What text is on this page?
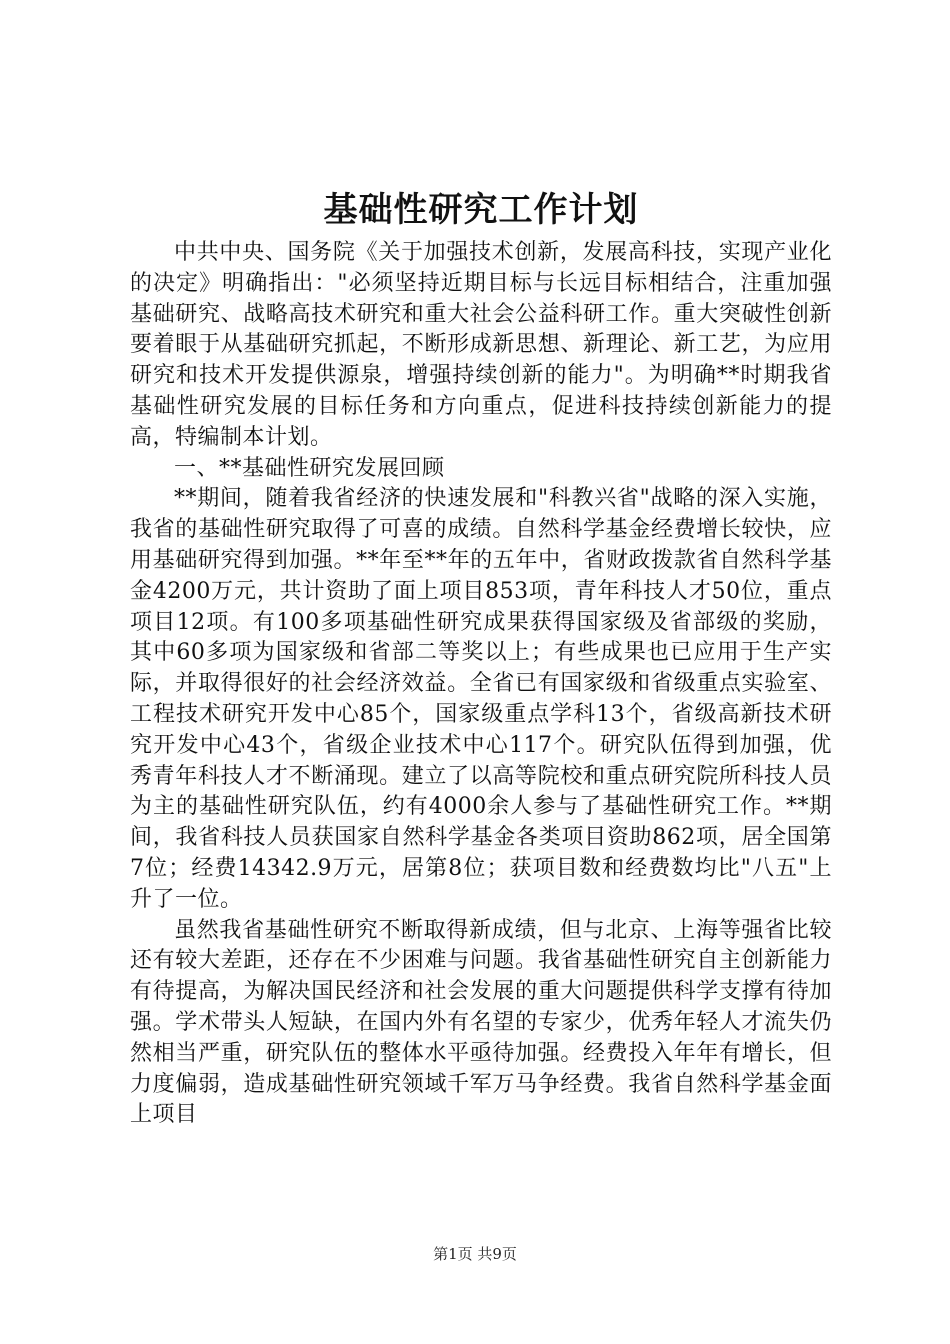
基础性研究工作计划

中共中央、国务院《关于加强技术创新，发展高科技，实现产业化的决定》明确指出："必须坚持近期目标与长远目标相结合，注重加强基础研究、战略高技术研究和重大社会公益科研工作。重大突破性创新要着眼于从基础研究抓起，不断形成新思想、新理论、新工艺，为应用研究和技术开发提供源泉，增强持续创新的能力"。为明确**时期我省基础性研究发展的目标任务和方向重点，促进科技持续创新能力的提高，特编制本计划。

一、**基础性研究发展回顾

**期间，随着我省经济的快速发展和"科教兴省"战略的深入实施，我省的基础性研究取得了可喜的成绩。自然科学基金经费增长较快，应用基础研究得到加强。**年至**年的五年中，省财政拨款省自然科学基金4200万元，共计资助了面上项目853项，青年科技人才50位，重点项目12项。有100多项基础性研究成果获得国家级及省部级的奖励，其中60多项为国家级和省部二等奖以上；有些成果也已应用于生产实际，并取得很好的社会经济效益。全省已有国家级和省级重点实验室、工程技术研究开发中心85个，国家级重点学科13个，省级高新技术研究开发中心43个，省级企业技术中心117个。研究队伍得到加强，优秀青年科技人才不断涌现。建立了以高等院校和重点研究院所科技人员为主的基础性研究队伍，约有4000余人参与了基础性研究工作。**期间，我省科技人员获国家自然科学基金各类项目资助862项，居全国第7位；经费14342.9万元，居第8位；获项目数和经费数均比"八五"上升了一位。

虽然我省基础性研究不断取得新成绩，但与北京、上海等强省比较还有较大差距，还存在不少困难与问题。我省基础性研究自主创新能力有待提高，为解决国民经济和社会发展的重大问题提供科学支撑有待加强。学术带头人短缺，在国内外有名望的专家少，优秀年轻人才流失仍然相当严重，研究队伍的整体水平亟待加强。经费投入年年有增长，但力度偏弱，造成基础性研究领域千军万马争经费。我省自然科学基金面上项目

第1页 共9页
